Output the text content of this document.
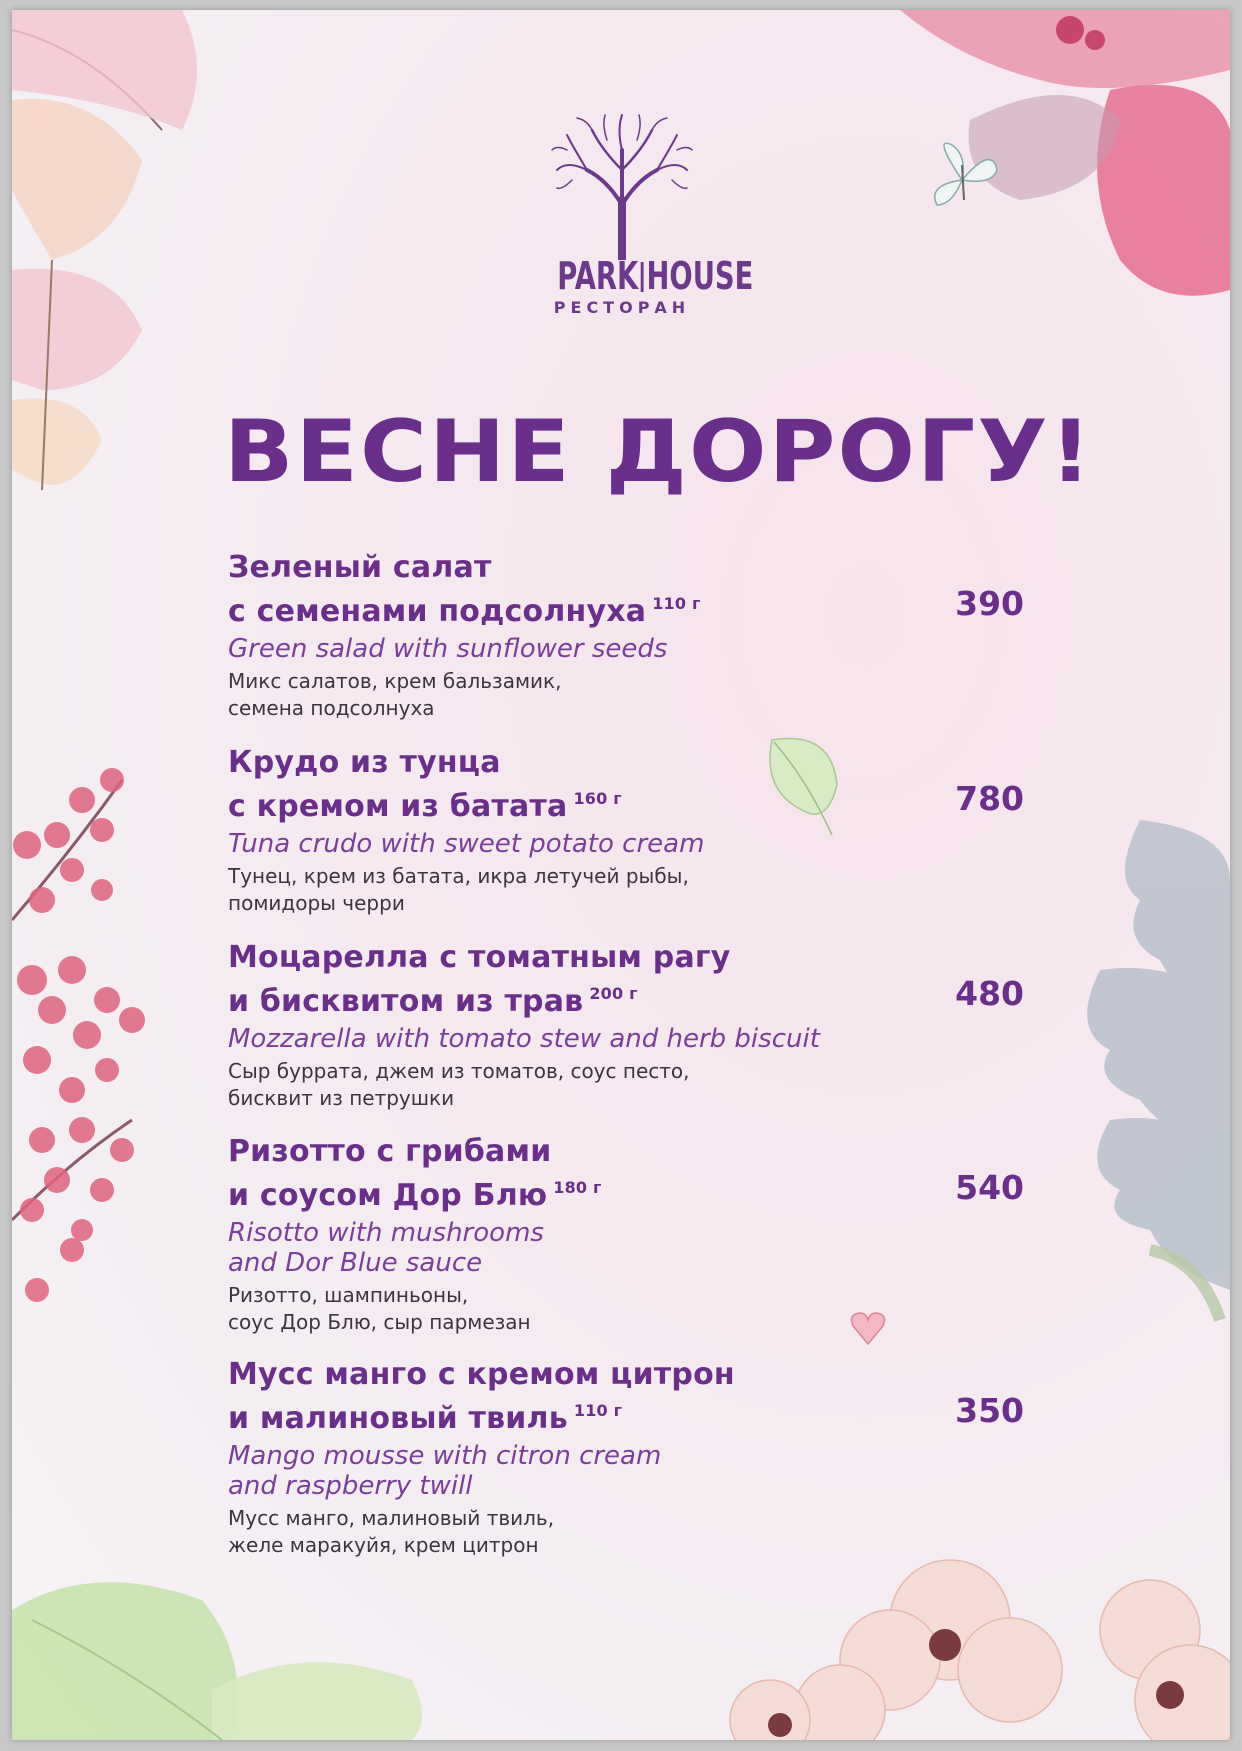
PARK   HOUSE
РЕСТОРАН
ВЕСНЕ ДОРОГУ!
Зеленый салат
с семенами подсолнуха $^{110 г}$	390
Green salad with sunflower seeds
Микс салатов, крем бальзамик,
семена подсолнуха
Крудо из тунца
с кремом из батата $^{160 г}$	780
Tuna crudo with sweet potato cream
Тунец, крем из батата, икра летучей рыбы,
помидоры черри
Моцарелла с томатным рагу
и бисквитом из трав $^{200 г}$	480
Mozzarella with tomato stew and herb biscuit
Сыр буррата, джем из томатов, соус песто,
бисквит из петрушки
Ризотто с грибами
и соусом Дор Блю $^{180 г}$	540
Risotto with mushrooms
and Dor Blue sauce
Ризотто, шампиньоны,
соус Дор Блю, сыр пармезан
Мусс манго с кремом цитрон
и малиновый твиль $^{110 г}$	350
Mango mousse with citron cream
and raspberry twill
Мусс манго, малиновый твиль,
желе маракуйя, крем цитрон
